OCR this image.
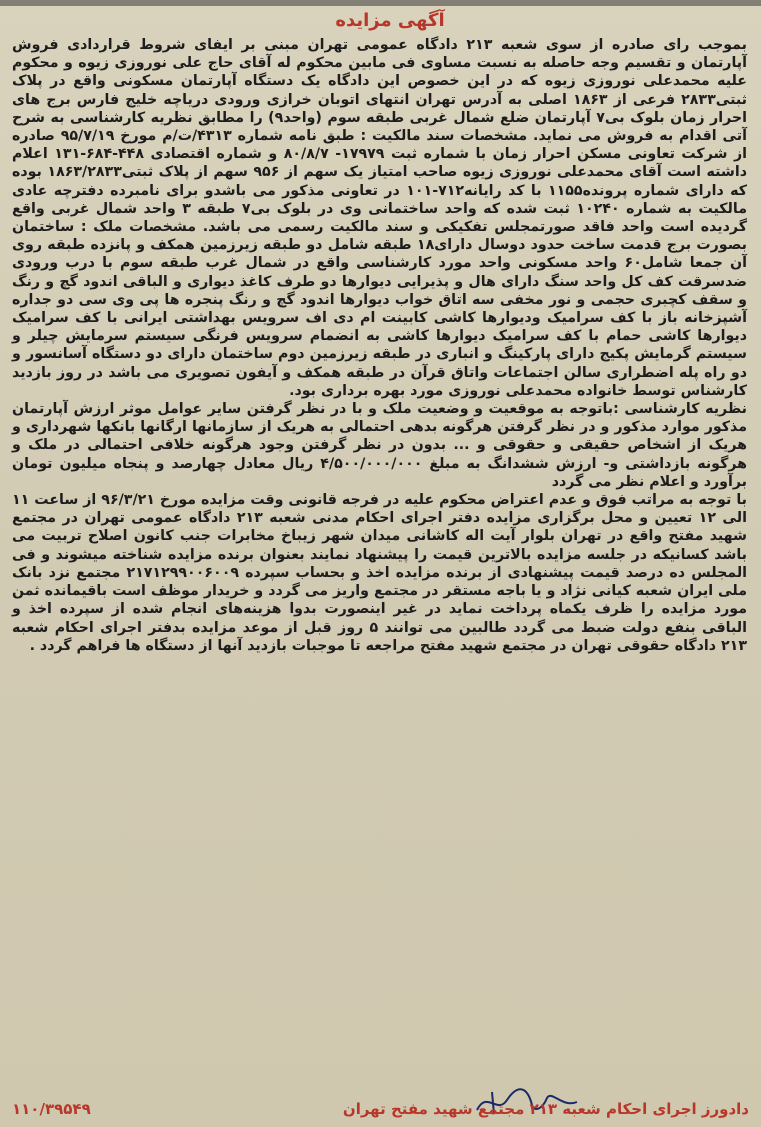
آگهی مزایده

بموجب رای صادره از سوی شعبه ۲۱۳ دادگاه عمومی تهران مبنی بر ایفای شروط قراردادی فروش آپارتمان و تقسیم وجه حاصله به نسبت مساوی فی مابین محکوم له آقای حاج علی نوروزی زیوه و محکوم علیه محمدعلی نوروزی زیوه که در این خصوص این دادگاه یک دستگاه آپارتمان مسکونی واقع در پلاک ثبتی۲۸۳۳ فرعی از ۱۸۶۳ اصلی به آدرس تهران انتهای اتوبان خرازی ورودی دریاچه خلیج فارس برج های احرار زمان بلوک بی۷ آپارتمان ضلع شمال غربی طبقه سوم (واحد۹) را مطابق نظریه کارشناسی به شرح آتی اقدام به فروش می نماید. مشخصات سند مالکیت : طبق نامه شماره ۴۳۱۳/ت/م مورخ ۹۵/۷/۱۹ صادره از شرکت تعاونی مسکن احرار زمان با شماره ثبت ۱۷۹۷۹- ۸۰/۸/۷ و شماره اقتصادی ۴۴۸-۶۸۴-۱۳۱ اعلام داشته است آقای محمدعلی نوروزی زیوه صاحب امتیاز یک سهم از ۹۵۶ سهم از پلاک ثبتی۱۸۶۳/۲۸۳۳ بوده که دارای شماره پرونده۱۱۵۵ با کد رایانه۷۱۲-۱۰۱ در تعاونی مذکور می باشدو برای نامبرده دفترچه عادی مالکیت به شماره ۱۰۲۴۰ ثبت شده که واحد ساختمانی وی در بلوک بی۷ طبقه ۳ واحد شمال غربی واقع گردیده است واحد فاقد صورتمجلس تفکیکی و سند مالکیت رسمی می باشد. مشخصات ملک : ساختمان بصورت برج قدمت ساخت حدود دوسال دارای۱۸ طبقه شامل دو طبقه زیرزمین همکف و پانزده طبقه روی آن جمعا شامل۶۰ واحد مسکونی واحد مورد کارشناسی واقع در شمال غرب طبقه سوم با درب ورودی ضدسرقت کف کل واحد سنگ دارای هال و پذیرایی دیوارها دو طرف کاغذ دیواری و الباقی اندود گچ و رنگ و سقف کچبری حجمی و نور مخفی سه اتاق خواب دیوارها اندود گچ و رنگ پنجره ها پی وی سی دو جداره آشپزخانه باز با کف سرامیک ودیوارها کاشی کابینت ام دی اف سرویس بهداشتی ایرانی با کف سرامیک دیوارها کاشی حمام با کف سرامیک دیوارها کاشی به انضمام سرویس فرنگی سیستم سرمایش چیلر و سیستم گرمایش پکیج دارای پارکینگ و انباری در طبقه زیرزمین دوم ساختمان دارای دو دستگاه آسانسور و دو راه پله اضطراری سالن اجتماعات واتاق قرآن در طبقه همکف و آیفون تصویری می باشد در روز بازدید کارشناس توسط خانواده محمدعلی نوروزی مورد بهره برداری بود.

نظریه کارشناسی :باتوجه به موقعیت و وضعیت ملک و با در نظر گرفتن سایر عوامل موثر ارزش آپارتمان مذکور موارد مذکور و در نظر گرفتن هرگونه بدهی احتمالی به هریک از سازمانها ارگانها بانکها شهرداری و هریک از اشخاص حقیقی و حقوقی و ... بدون در نظر گرفتن وجود هرگونه خلافی احتمالی در ملک و هرگونه بازداشتی و- ارزش ششدانگ به مبلغ ۴/۵۰۰/۰۰۰/۰۰۰ ریال معادل چهارصد و پنجاه میلیون تومان برآورد و اعلام نظر می گردد

با توجه به مراتب فوق و عدم اعتراض محکوم علیه در فرجه قانونی وقت مزایده مورخ ۹۶/۳/۲۱ از ساعت ۱۱ الی ۱۲ تعیین و محل برگزاری مزایده دفتر اجرای احکام مدنی شعبه ۲۱۳ دادگاه عمومی تهران در مجتمع شهید مفتح واقع در تهران بلوار آیت اله کاشانی میدان شهر زیباخ مخابرات جنب کانون اصلاح تربیت می باشد کسانیکه در جلسه مزایده بالاترین قیمت را پیشنهاد نمایند بعنوان برنده مزایده شناخته میشوند و فی المجلس ده درصد قیمت پیشنهادی از برنده مزایده اخذ و بحساب سپرده ۲۱۷۱۲۹۹۰۰۶۰۰۹ مجتمع نزد بانک ملی ایران شعبه کیانی نژاد و یا باجه مستقر در مجتمع واریز می گردد و خریدار موظف است باقیمانده ثمن مورد مزایده را ظرف یکماه پرداخت نماید در غیر اینصورت بدوا هزینه‌های انجام شده از سپرده اخذ و الباقی بنفع دولت ضبط می گردد طالبین می توانند ۵ روز قبل از موعد مزایده بدفتر اجرای احکام شعبه ۲۱۳ دادگاه حقوقی تهران در مجتمع شهید مفتح مراجعه تا موجبات بازدید آنها از دستگاه ها فراهم گردد .

۱۱۰/۳۹۵۴۹	دادورز اجرای احکام شعبه ۲۱۳ مجتمع شهید مفتح تهران
